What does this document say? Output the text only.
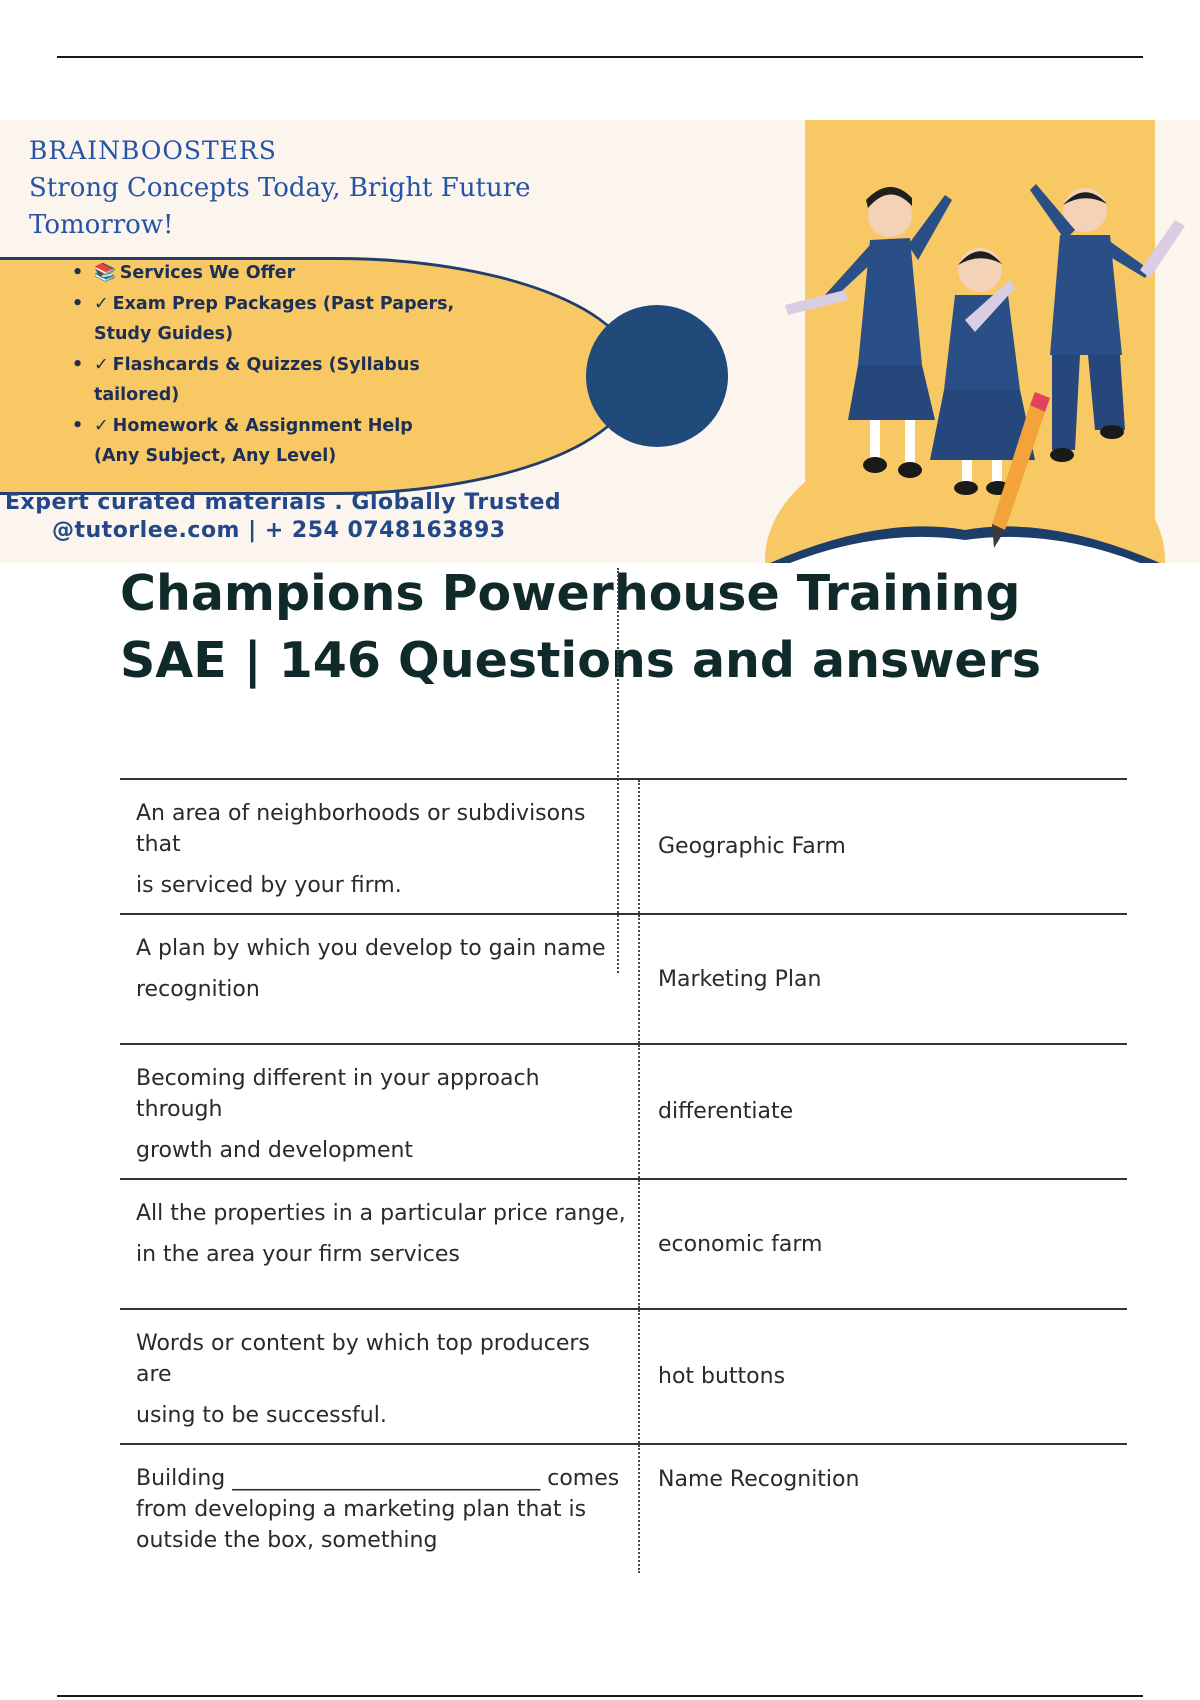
BRAINBOOSTERS
Strong Concepts Today, Bright Future Tomorrow!
• 📚 Services We Offer
• ✓ Exam Prep Packages (Past Papers, Study Guides)
• ✓ Flashcards & Quizzes (Syllabus tailored)
• ✓ Homework & Assignment Help (Any Subject, Any Level)
Expert curated materials . Globally Trusted
@tutorlee.com | + 254 0748163893
Champions Powerhouse Training SAE | 146 Questions and answers
An area of neighborhoods or subdivisons that
is serviced by your firm.
Geographic Farm
A plan by which you develop to gain name
recognition	Marketing Plan
Becoming different in your approach through
growth and development
differentiate
All the properties in a particular price range,
in the area your firm services	economic farm
Words or content by which top producers are
using to be successful.
hot buttons
Building ____________________________ comes from developing a marketing plan that is outside the box, something
Name Recognition
